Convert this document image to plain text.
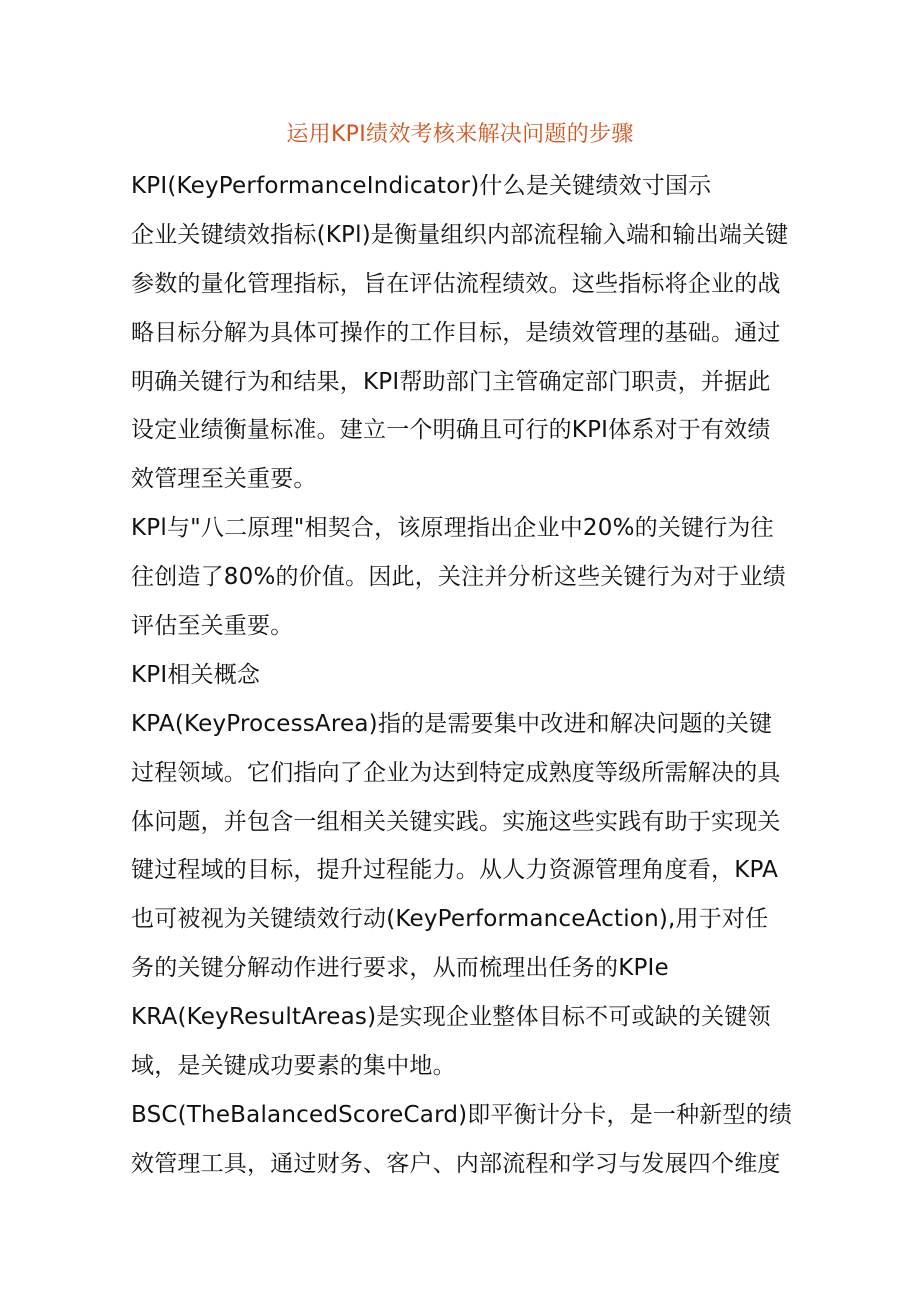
运用KPI绩效考核来解决问题的步骤
KPI(KeyPerformanceIndicator)什么是关键绩效寸国示
企业关键绩效指标(KPl)是衡量组织内部流程输入端和输出端关键
参数的量化管理指标，旨在评估流程绩效。这些指标将企业的战
略目标分解为具体可操作的工作目标，是绩效管理的基础。通过
明确关键行为和结果，KPI帮助部门主管确定部门职责，并据此
设定业绩衡量标准。建立一个明确且可行的KPI体系对于有效绩
效管理至关重要。
KPl与"八二原理"相契合，该原理指出企业中20%的关键行为往
往创造了80%的价值。因此，关注并分析这些关键行为对于业绩
评估至关重要。
KPI相关概念
KPA(KeyProcessArea)指的是需要集中改进和解决问题的关键
过程领域。它们指向了企业为达到特定成熟度等级所需解决的具
体问题，并包含一组相关关键实践。实施这些实践有助于实现关
键过程域的目标，提升过程能力。从人力资源管理角度看，KPA
也可被视为关键绩效行动(KeyPerformanceAction),用于对任
务的关键分解动作进行要求，从而梳理出任务的KPIe
KRA(KeyResultAreas)是实现企业整体目标不可或缺的关键领
域，是关键成功要素的集中地。
BSC(TheBalancedScoreCard)即平衡计分卡，是一种新型的绩
效管理工具，通过财务、客户、内部流程和学习与发展四个维度
